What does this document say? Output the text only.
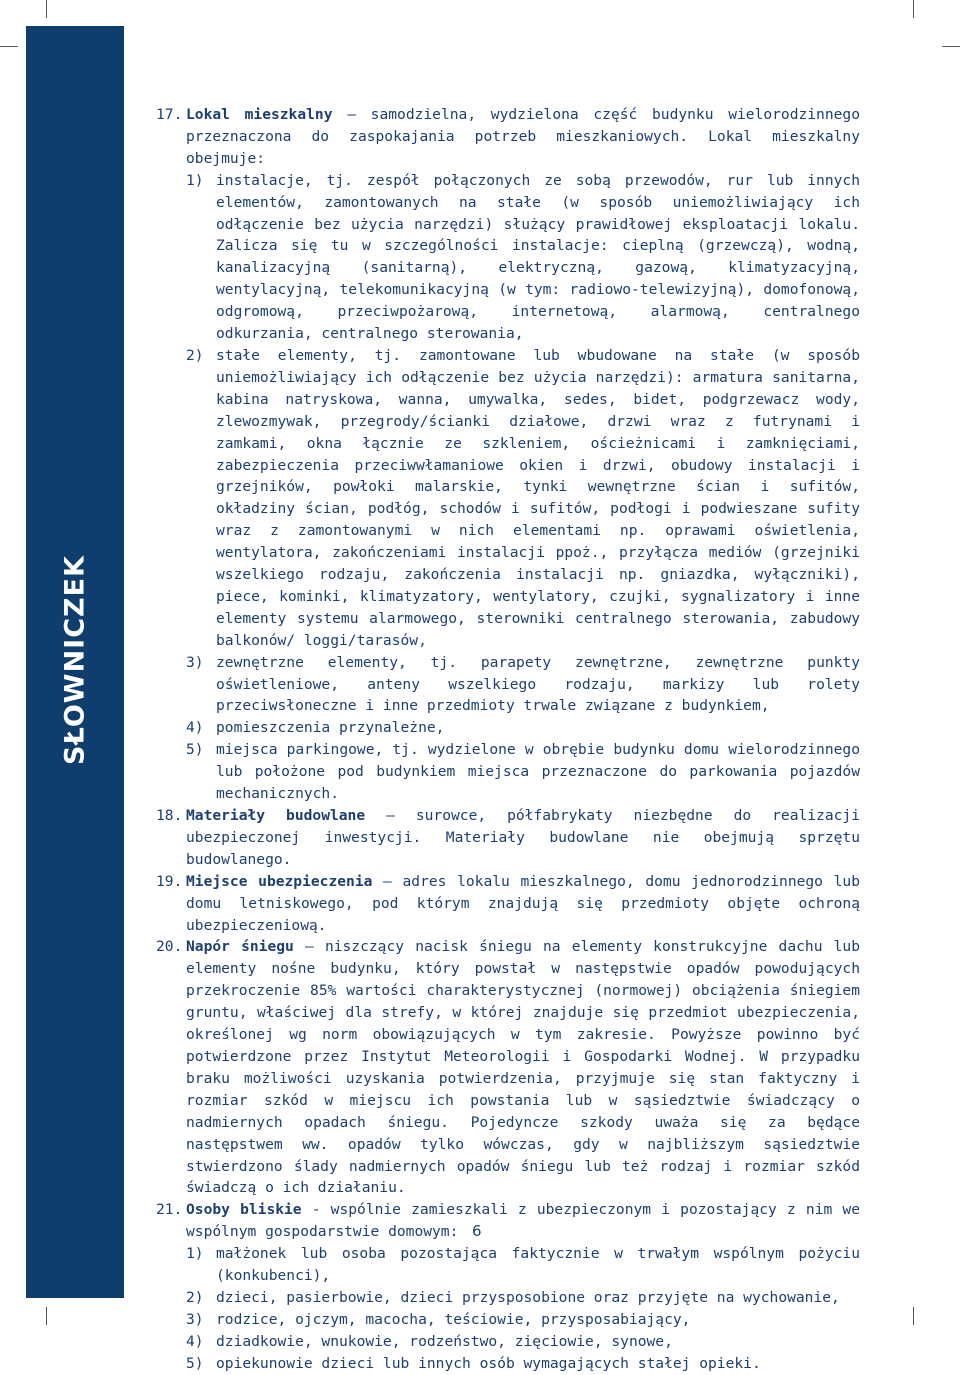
SŁOWNICZEK
17. Lokal mieszkalny – samodzielna, wydzielona część budynku wielorodzinnego przeznaczona do zaspokajania potrzeb mieszkaniowych. Lokal mieszkalny obejmuje:
1) instalacje, tj. zespół połączonych ze sobą przewodów, rur lub innych elementów, zamontowanych na stałe (w sposób uniemożliwiający ich odłączenie bez użycia narzędzi) służący prawidłowej eksploatacji lokalu. Zalicza się tu w szczególności instalacje: cieplną (grzewczą), wodną, kanalizacyjną (sanitarną), elektryczną, gazową, klimatyzacyjną, wentylacyjną, telekomunikacyjną (w tym: radiowo-telewizyjną), domofonową, odgromową, przeciwpożarową, internetową, alarmową, centralnego odkurzania, centralnego sterowania,
2) stałe elementy, tj. zamontowane lub wbudowane na stałe (w sposób uniemożliwiający ich odłączenie bez użycia narzędzi): armatura sanitarna, kabina natryskowa, wanna, umywalka, sedes, bidet, podgrzewacz wody, zlewozmywak, przegrody/ścianki działowe, drzwi wraz z futrynami i zamkami, okna łącznie ze szkleniem, ościeżnicami i zamknięciami, zabezpieczenia przeciwwłamaniowe okien i drzwi, obudowy instalacji i grzejników, powłoki malarskie, tynki wewnętrzne ścian i sufitów, okładziny ścian, podłóg, schodów i sufitów, podłogi i podwieszane sufity wraz z zamontowanymi w nich elementami np. oprawami oświetlenia, wentylatora, zakończeniami instalacji ppoż., przyłącza mediów (grzejniki wszelkiego rodzaju, zakończenia instalacji np. gniazdka, wyłączniki), piece, kominki, klimatyzatory, wentylatory, czujki, sygnalizatory i inne elementy systemu alarmowego, sterowniki centralnego sterowania, zabudowy balkonów/ loggi/tarasów,
3) zewnętrzne elementy, tj. parapety zewnętrzne, zewnętrzne punkty oświetleniowe, anteny wszelkiego rodzaju, markizy lub rolety przeciwsłoneczne i inne przedmioty trwale związane z budynkiem,
4) pomieszczenia przynależne,
5) miejsca parkingowe, tj. wydzielone w obrębie budynku domu wielorodzinnego lub położone pod budynkiem miejsca przeznaczone do parkowania pojazdów mechanicznych.
18. Materiały budowlane – surowce, półfabrykaty niezbędne do realizacji ubezpieczonej inwestycji. Materiały budowlane nie obejmują sprzętu budowlanego.
19. Miejsce ubezpieczenia – adres lokalu mieszkalnego, domu jednorodzinnego lub domu letniskowego, pod którym znajdują się przedmioty objęte ochroną ubezpieczeniową.
20. Napór śniegu – niszczący nacisk śniegu na elementy konstrukcyjne dachu lub elementy nośne budynku, który powstał w następstwie opadów powodujących przekroczenie 85% wartości charakterystycznej (normowej) obciążenia śniegiem gruntu, właściwej dla strefy, w której znajduje się przedmiot ubezpieczenia, określonej wg norm obowiązujących w tym zakresie. Powyższe powinno być potwierdzone przez Instytut Meteorologii i Gospodarki Wodnej. W przypadku braku możliwości uzyskania potwierdzenia, przyjmuje się stan faktyczny i rozmiar szkód w miejscu ich powstania lub w sąsiedztwie świadczący o nadmiernych opadach śniegu. Pojedyncze szkody uważa się za będące następstwem ww. opadów tylko wówczas, gdy w najbliższym sąsiedztwie stwierdzono ślady nadmiernych opadów śniegu lub też rodzaj i rozmiar szkód świadczą o ich działaniu.
21. Osoby bliskie - wspólnie zamieszkali z ubezpieczonym i pozostający z nim we wspólnym gospodarstwie domowym:
1) małżonek lub osoba pozostająca faktycznie w trwałym wspólnym pożyciu (konkubenci),
2) dzieci, pasierbowie, dzieci przysposobione oraz przyjęte na wychowanie,
3) rodzice, ojczym, macocha, teściowie, przysposabiający,
4) dziadkowie, wnukowie, rodzeństwo, zięciowie, synowe,
5) opiekunowie dzieci lub innych osób wymagających stałej opieki.
6
